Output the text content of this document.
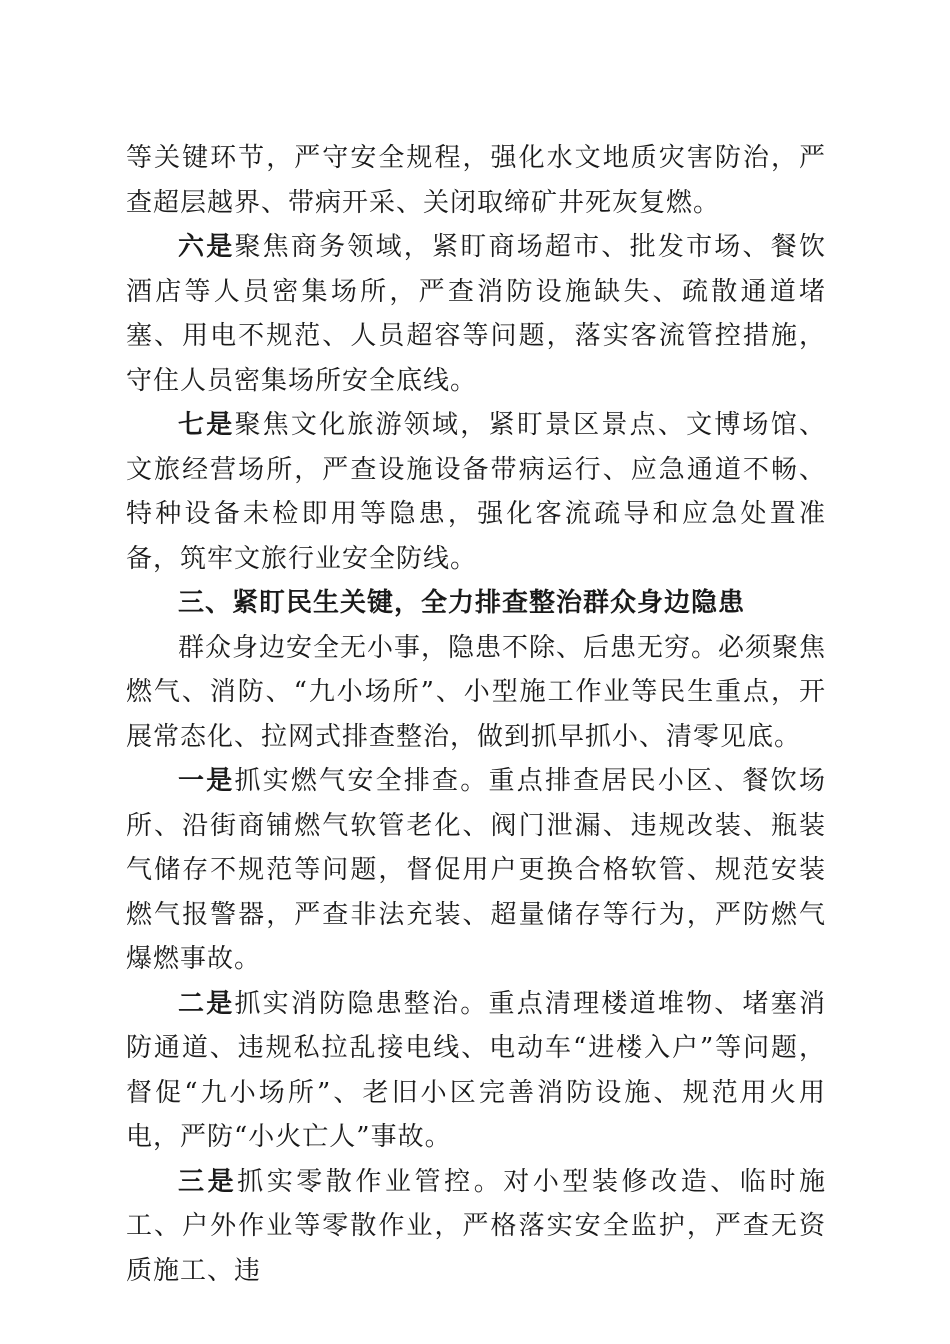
等关键环节，严守安全规程，强化水文地质灾害防治，严查超层越界、带病开采、关闭取缔矿井死灰复燃。

六是聚焦商务领域，紧盯商场超市、批发市场、餐饮酒店等人员密集场所，严查消防设施缺失、疏散通道堵塞、用电不规范、人员超容等问题，落实客流管控措施，守住人员密集场所安全底线。

七是聚焦文化旅游领域，紧盯景区景点、文博场馆、文旅经营场所，严查设施设备带病运行、应急通道不畅、特种设备未检即用等隐患，强化客流疏导和应急处置准备，筑牢文旅行业安全防线。

三、紧盯民生关键，全力排查整治群众身边隐患

群众身边安全无小事，隐患不除、后患无穷。必须聚焦燃气、消防、“九小场所”、小型施工作业等民生重点，开展常态化、拉网式排查整治，做到抓早抓小、清零见底。

一是抓实燃气安全排查。重点排查居民小区、餐饮场所、沿街商铺燃气软管老化、阀门泄漏、违规改装、瓶装气储存不规范等问题，督促用户更换合格软管、规范安装燃气报警器，严查非法充装、超量储存等行为，严防燃气爆燃事故。

二是抓实消防隐患整治。重点清理楼道堆物、堵塞消防通道、违规私拉乱接电线、电动车“进楼入户”等问题，督促“九小场所”、老旧小区完善消防设施、规范用火用电，严防“小火亡人”事故。

三是抓实零散作业管控。对小型装修改造、临时施工、户外作业等零散作业，严格落实安全监护，严查无资质施工、违
